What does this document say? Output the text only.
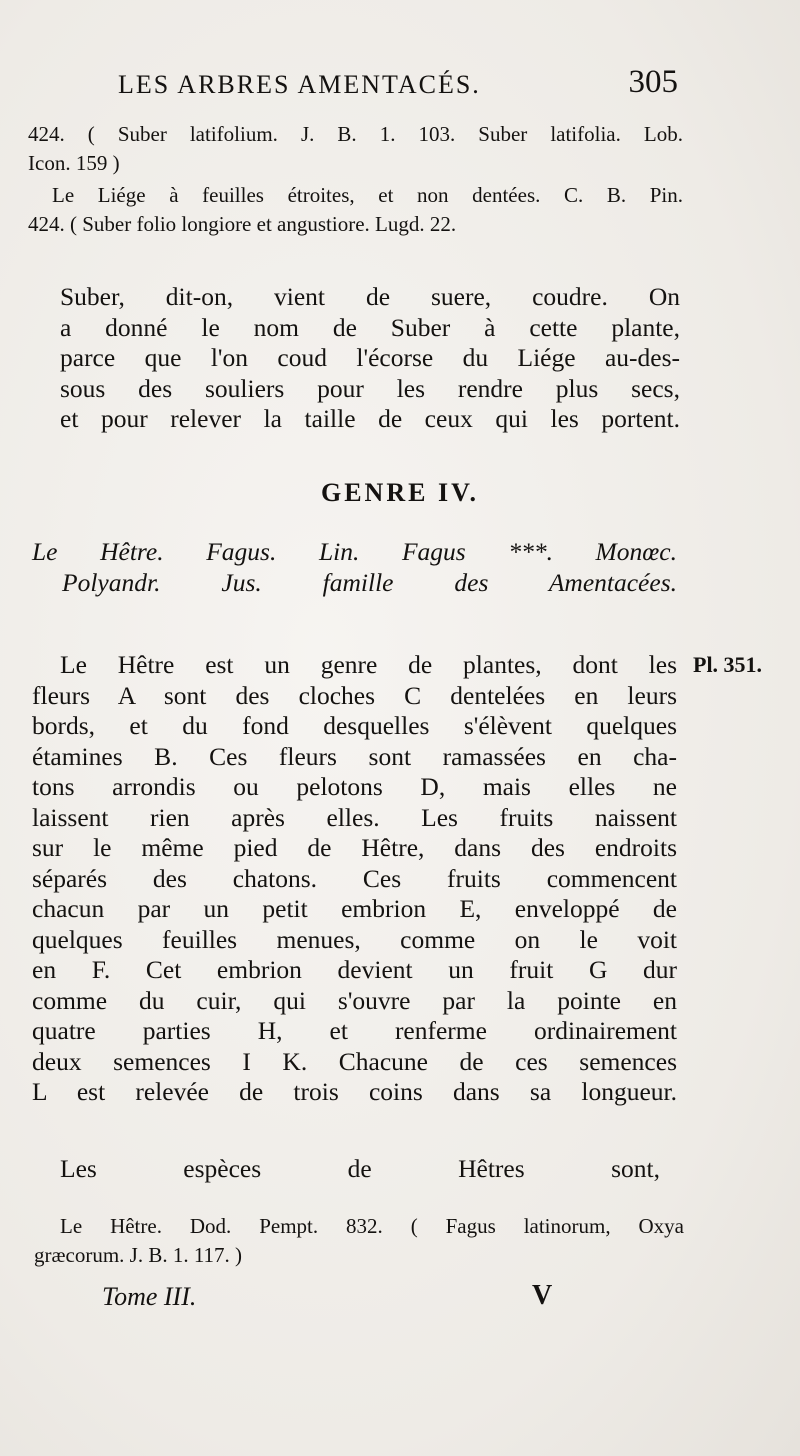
LES ARBRES AMENTACÉS.	305
424. ( Suber latifolium. J. B. 1. 103. Suber latifolia. Lob.
Icon. 159 )
Le Liége à feuilles étroites, et non dentées. C. B. Pin.
424. ( Suber folio longiore et angustiore. Lugd. 22.
Suber, dit-on, vient de suere, coudre. On
a donné le nom de Suber à cette plante,
parce que l'on coud l'écorse du Liége au-des-
sous des souliers pour les rendre plus secs,
et pour relever la taille de ceux qui les portent.
GENRE IV.
Le Hêtre. Fagus. Lin. Fagus ***. Monœc.
Polyandr. Jus. famille des Amentacées.
Pl. 351.
Le Hêtre est un genre de plantes, dont les
fleurs A sont des cloches C dentelées en leurs
bords, et du fond desquelles s'élèvent quelques
étamines B. Ces fleurs sont ramassées en cha-
tons arrondis ou pelotons D, mais elles ne
laissent rien après elles. Les fruits naissent
sur le même pied de Hêtre, dans des endroits
séparés des chatons. Ces fruits commencent
chacun par un petit embrion E, enveloppé de
quelques feuilles menues, comme on le voit
en F. Cet embrion devient un fruit G dur
comme du cuir, qui s'ouvre par la pointe en
quatre parties H, et renferme ordinairement
deux semences I K. Chacune de ces semences
L est relevée de trois coins dans sa longueur.
Les espèces de Hêtres sont,
Le Hêtre. Dod. Pempt. 832. ( Fagus latinorum, Oxya
græcorum. J. B. 1. 117. )
Tome III.	V
